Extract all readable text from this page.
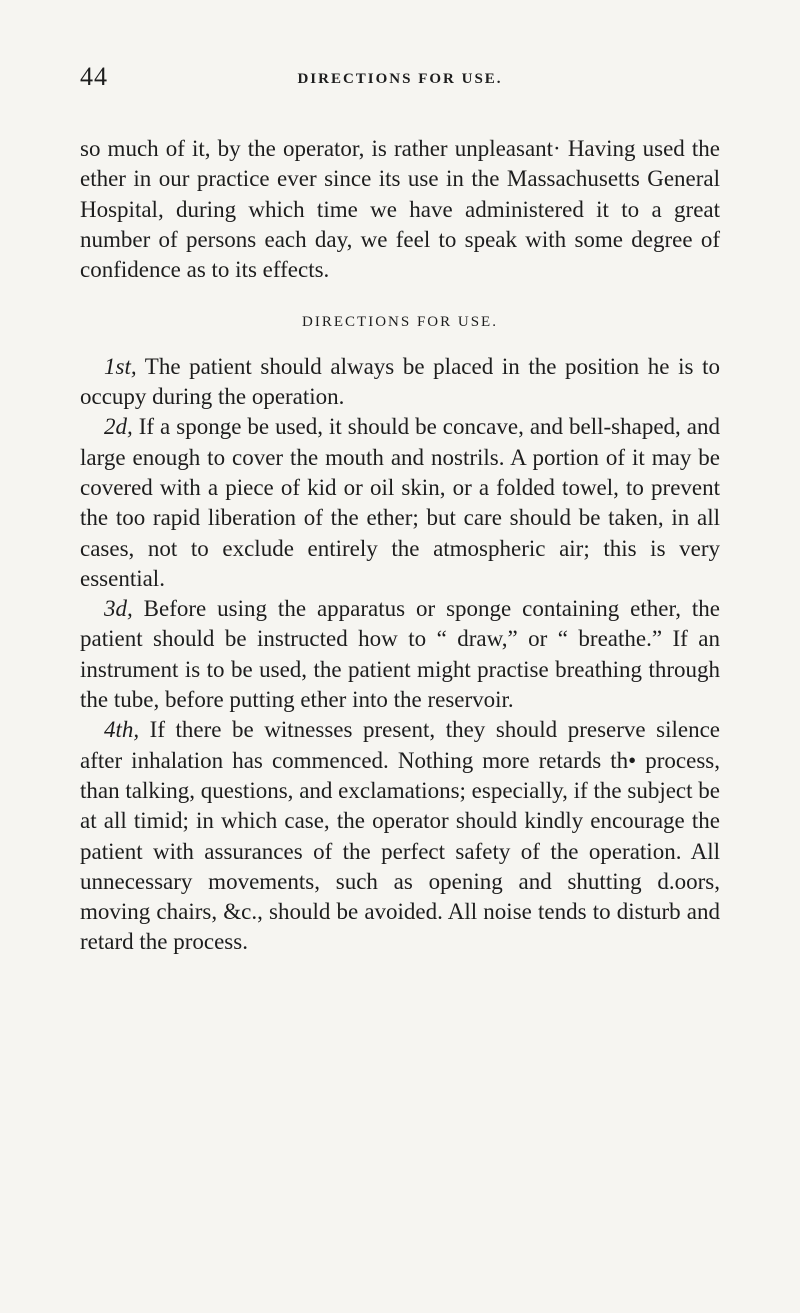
44	DIRECTIONS FOR USE.

so much of it, by the operator, is rather unpleasant· Having used the ether in our practice ever since its use in the Massachusetts General Hospital, during which time we have administered it to a great number of persons each day, we feel to speak with some degree of confidence as to its effects.

DIRECTIONS FOR USE.

1st, The patient should always be placed in the position he is to occupy during the operation.

2d, If a sponge be used, it should be concave, and bell-shaped, and large enough to cover the mouth and nostrils. A portion of it may be covered with a piece of kid or oil skin, or a folded towel, to prevent the too rapid liberation of the ether; but care should be taken, in all cases, not to exclude entirely the atmospheric air; this is very essential.

3d, Before using the apparatus or sponge containing ether, the patient should be instructed how to “ draw,” or “ breathe.” If an instrument is to be used, the patient might practise breathing through the tube, before putting ether into the reservoir.

4th, If there be witnesses present, they should preserve silence after inhalation has commenced. Nothing more retards th• process, than talking, questions, and exclamations; especially, if the subject be at all timid; in which case, the operator should kindly encourage the patient with assurances of the perfect safety of the operation. All unnecessary movements, such as opening and shutting d.oors, moving chairs, &c., should be avoided. All noise tends to disturb and retard the process.
